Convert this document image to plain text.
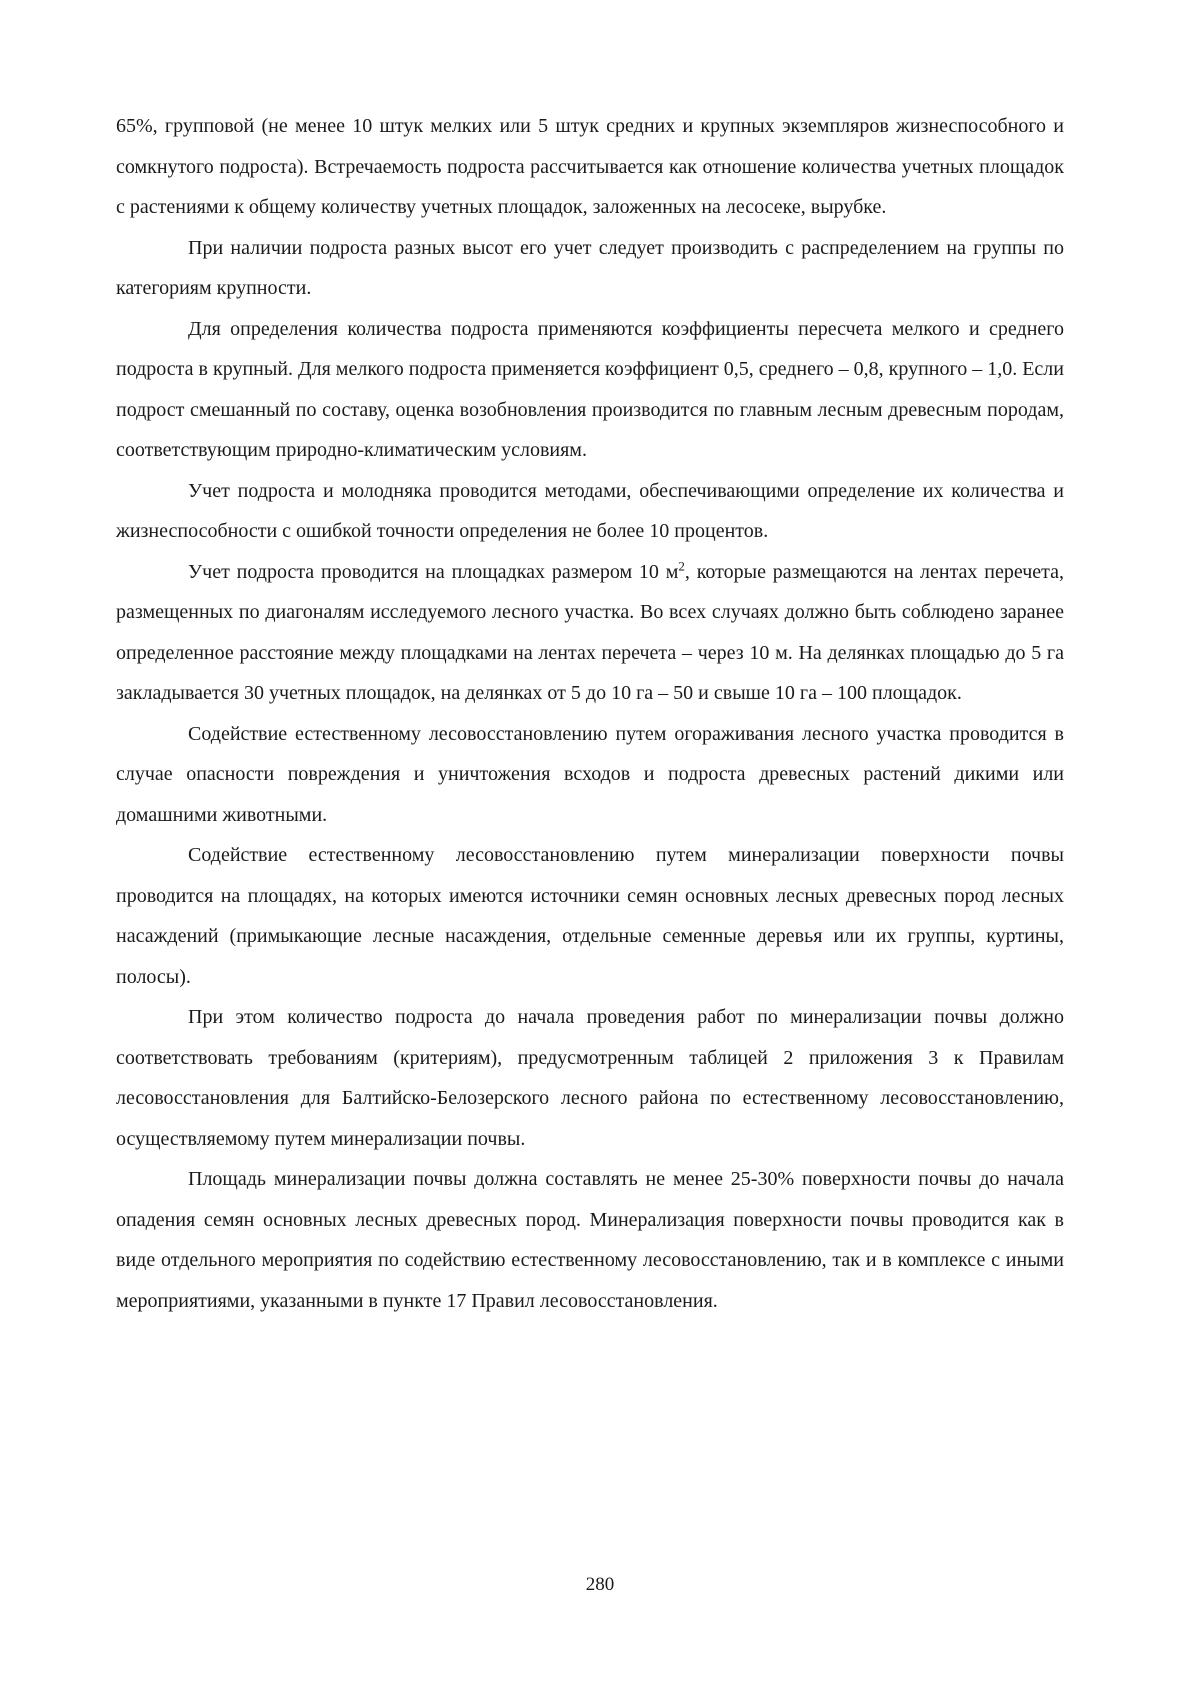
65%, групповой (не менее 10 штук мелких или 5 штук средних и крупных экземпляров жизнеспособного и сомкнутого подроста). Встречаемость подроста рассчитывается как отношение количества учетных площадок с растениями к общему количеству учетных площадок, заложенных на лесосеке, вырубке.

При наличии подроста разных высот его учет следует производить с распределением на группы по категориям крупности.

Для определения количества подроста применяются коэффициенты пересчета мелкого и среднего подроста в крупный. Для мелкого подроста применяется коэффициент 0,5, среднего – 0,8, крупного – 1,0. Если подрост смешанный по составу, оценка возобновления производится по главным лесным древесным породам, соответствующим природно-климатическим условиям.

Учет подроста и молодняка проводится методами, обеспечивающими определение их количества и жизнеспособности с ошибкой точности определения не более 10 процентов.

Учет подроста проводится на площадках размером 10 $м^2$, которые размещаются на лентах перечета, размещенных по диагоналям исследуемого лесного участка. Во всех случаях должно быть соблюдено заранее определенное расстояние между площадками на лентах перечета – через 10 м. На делянках площадью до 5 га закладывается 30 учетных площадок, на делянках от 5 до 10 га – 50 и свыше 10 га – 100 площадок.

Содействие естественному лесовосстановлению путем огораживания лесного участка проводится в случае опасности повреждения и уничтожения всходов и подроста древесных растений дикими или домашними животными.

Содействие естественному лесовосстановлению путем минерализации поверхности почвы проводится на площадях, на которых имеются источники семян основных лесных древесных пород лесных насаждений (примыкающие лесные насаждения, отдельные семенные деревья или их группы, куртины, полосы).

При этом количество подроста до начала проведения работ по минерализации почвы должно соответствовать требованиям (критериям), предусмотренным таблицей 2 приложения 3 к Правилам лесовосстановления для Балтийско-Белозерского лесного района по естественному лесовосстановлению, осуществляемому путем минерализации почвы.

Площадь минерализации почвы должна составлять не менее 25-30% поверхности почвы до начала опадения семян основных лесных древесных пород. Минерализация поверхности почвы проводится как в виде отдельного мероприятия по содействию естественному лесовосстановлению, так и в комплексе с иными мероприятиями, указанными в пункте 17 Правил лесовосстановления.

280
